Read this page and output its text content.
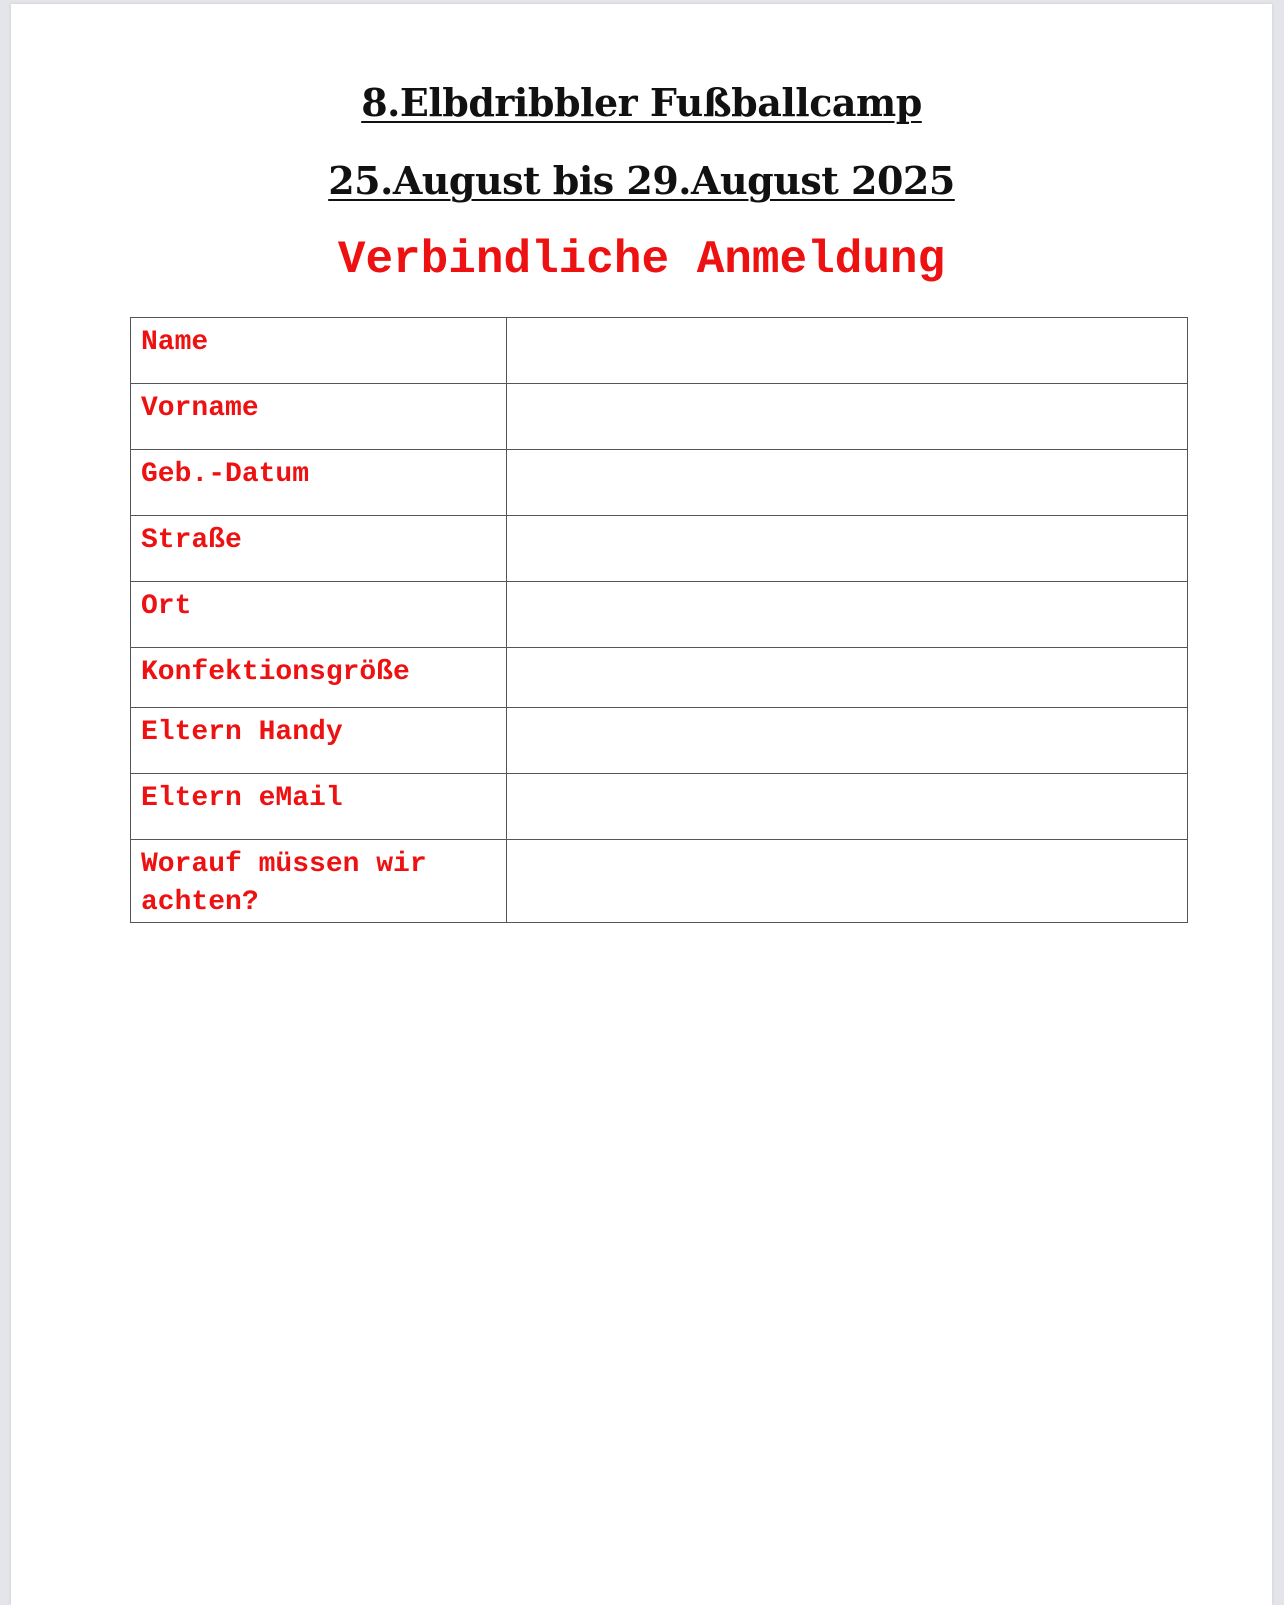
8.Elbdribbler Fußballcamp
25.August bis 29.August 2025
Verbindliche Anmeldung
Name	
Vorname	
Geb.-Datum	
Straße	
Ort	
Konfektionsgröße	
Eltern Handy	
Eltern eMail	
Worauf müssen wir achten?	
